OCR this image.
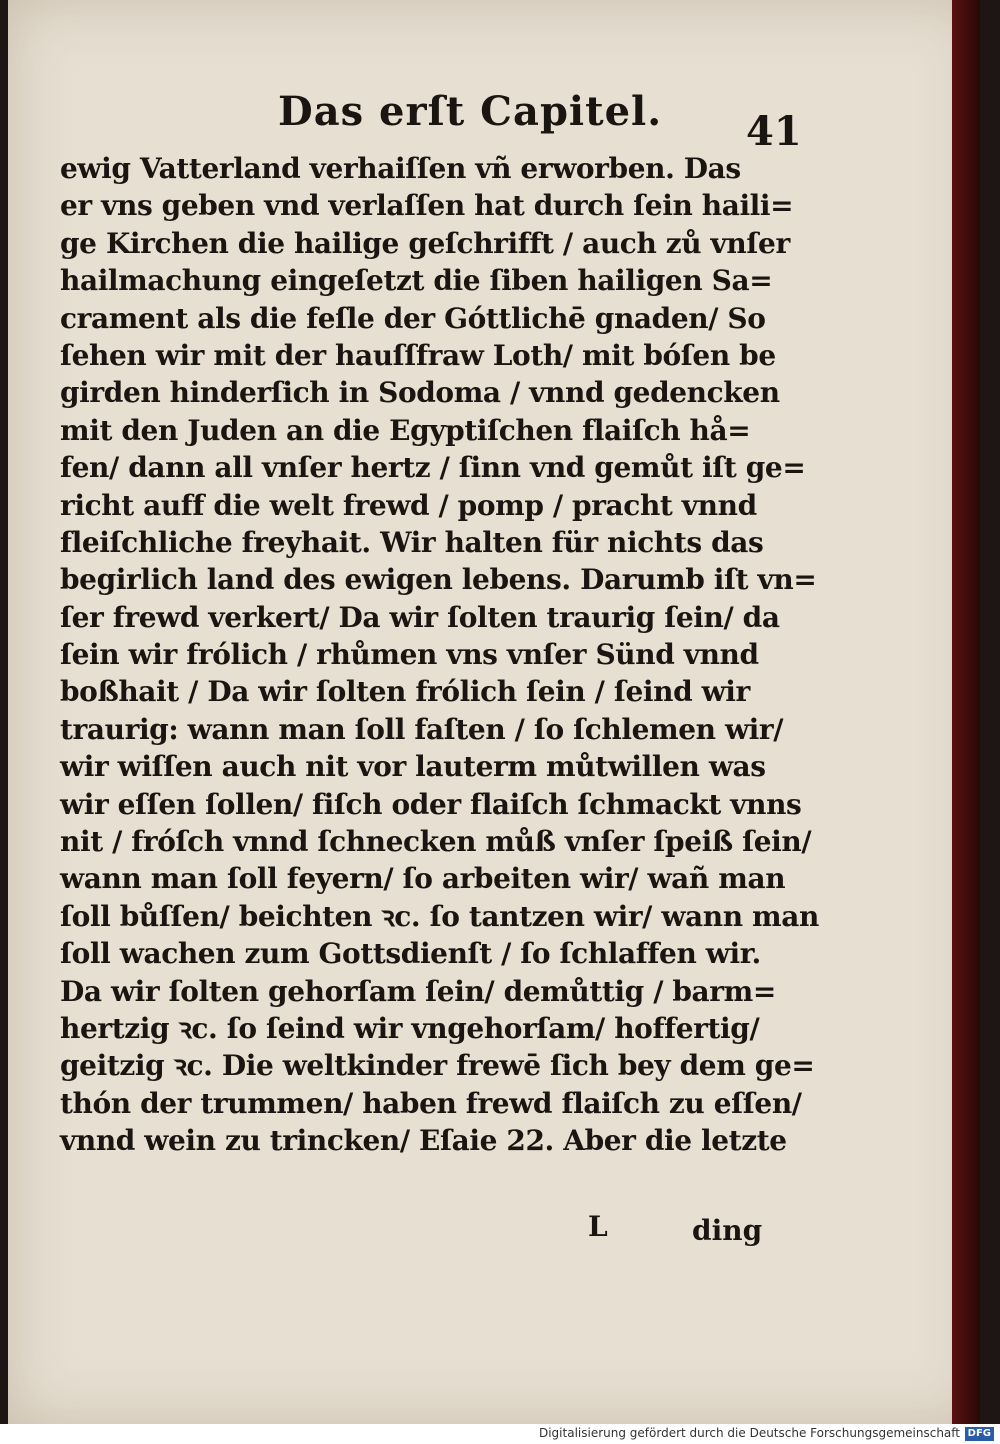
Das erſt Capitel. 41
ewig Vatterland verhaiſſen vñ erworben. Das
er vns geben vnd verlaſſen hat durch ſein haili=
ge Kirchen die hailige geſchrifft / auch zů vnſer
hailmachung eingeſetzt die ſiben hailigen Sa=
crament als die feſle der Góttlichē gnaden/ So
ſehen wir mit der hauſſfraw Loth/ mit bóſen be
girden hinderſich in Sodoma / vnnd gedencken
mit den Juden an die Egyptiſchen flaiſch hå=
fen/ dann all vnſer hertz / ſinn vnd gemůt iſt ge=
richt auff die welt frewd / pomp / pracht vnnd
fleiſchliche freyhait. Wir halten für nichts das
begirlich land des ewigen lebens. Darumb iſt vn=
ſer frewd verkert/ Da wir ſolten traurig ſein/ da
ſein wir frólich / rhůmen vns vnſer Sünd vnnd
boßhait / Da wir ſolten frólich ſein / ſeind wir
traurig: wann man ſoll faſten / ſo ſchlemen wir/
wir wiſſen auch nit vor lauterm můtwillen was
wir eſſen ſollen/ fiſch oder flaiſch ſchmackt vnns
nit / fróſch vnnd ſchnecken můß vnſer ſpeiß ſein/
wann man ſoll feyern/ ſo arbeiten wir/ wañ man
ſoll bůſſen/ beichten ꝛc. ſo tantzen wir/ wann man
ſoll wachen zum Gottsdienſt / ſo ſchlaffen wir.
Da wir ſolten gehorſam ſein/ demůttig / barm=
hertzig ꝛc. ſo ſeind wir vngehorſam/ hoffertig/
geitzig ꝛc. Die weltkinder frewē ſich bey dem ge=
thón der trummen/ haben frewd flaiſch zu eſſen/
vnnd wein zu trincken/ Eſaie 22. Aber die letzte
L	ding
Digitalisierung gefördert durch die Deutsche Forschungsgemeinschaft DFG
